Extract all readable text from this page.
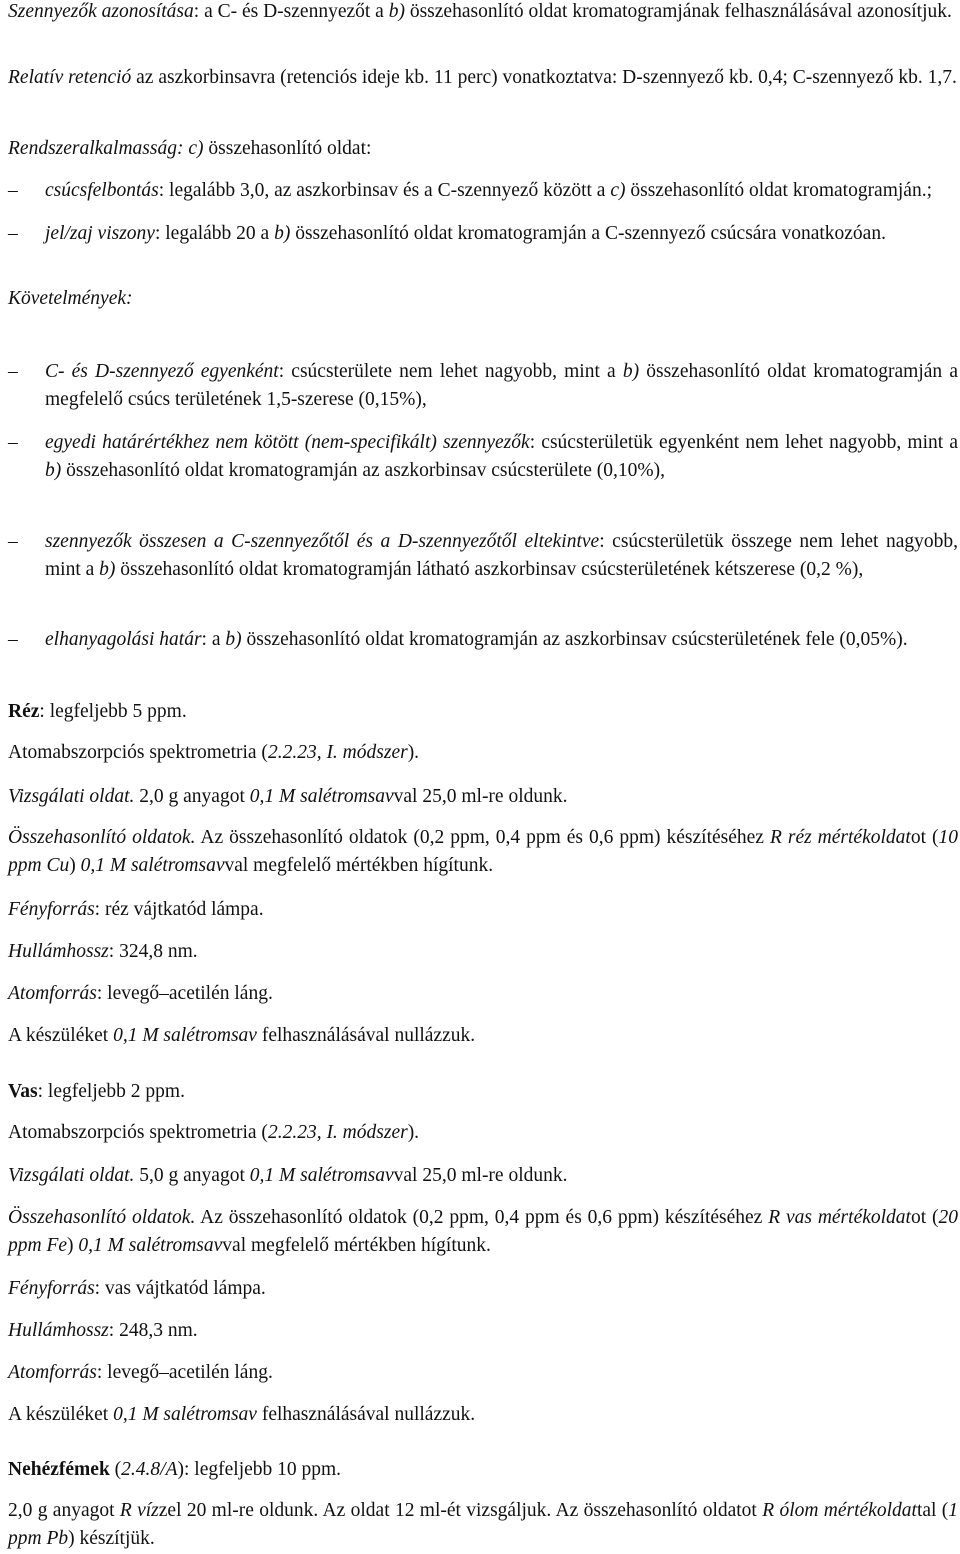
Szennyezők azonosítása: a C- és D-szennyezőt a b) összehasonlító oldat kromatogramjának felhasználásával azonosítjuk.

Relatív retenció az aszkorbinsavra (retenciós ideje kb. 11 perc) vonatkoztatva: D-szennyező kb. 0,4; C-szennyező kb. 1,7.

Rendszeralkalmasság: c) összehasonlító oldat:

– csúcsfelbontás: legalább 3,0, az aszkorbinsav és a C-szennyező között a c) összehasonlító oldat kromatogramján.;
– jel/zaj viszony: legalább 20 a b) összehasonlító oldat kromatogramján a C-szennyező csúcsára vonatkozóan.

Követelmények:

– C- és D-szennyező egyenként: csúcsterülete nem lehet nagyobb, mint a b) összehasonlító oldat kromatogramján a megfelelő csúcs területének 1,5-szerese (0,15%),
– egyedi határértékhez nem kötött (nem-specifikált) szennyezők: csúcsterületük egyenként nem lehet nagyobb, mint a b) összehasonlító oldat kromatogramján az aszkorbinsav csúcsterülete (0,10%),
– szennyezők összesen a C-szennyezőtől és a D-szennyezőtől eltekintve: csúcsterületük összege nem lehet nagyobb, mint a b) összehasonlító oldat kromatogramján látható aszkorbinsav csúcsterületének kétszerese (0,2 %),
– elhanyagolási határ: a b) összehasonlító oldat kromatogramján az aszkorbinsav csúcsterületének fele (0,05%).

Réz: legfeljebb 5 ppm.

Atomabszorpciós spektrometria (2.2.23, I. módszer).

Vizsgálati oldat. 2,0 g anyagot 0,1 M salétromsavval 25,0 ml-re oldunk.

Összehasonlító oldatok. Az összehasonlító oldatok (0,2 ppm, 0,4 ppm és 0,6 ppm) készítéséhez R réz mértékoldatot (10 ppm Cu) 0,1 M salétromsavval megfelelő mértékben hígítunk.

Fényforrás: réz vájtkatód lámpa.

Hullámhossz: 324,8 nm.

Atomforrás: levegő–acetilén láng.

A készüléket 0,1 M salétromsav felhasználásával nullázzuk.

Vas: legfeljebb 2 ppm.

Atomabszorpciós spektrometria (2.2.23, I. módszer).

Vizsgálati oldat. 5,0 g anyagot 0,1 M salétromsavval 25,0 ml-re oldunk.

Összehasonlító oldatok. Az összehasonlító oldatok (0,2 ppm, 0,4 ppm és 0,6 ppm) készítéséhez R vas mértékoldatot (20 ppm Fe) 0,1 M salétromsavval megfelelő mértékben hígítunk.

Fényforrás: vas vájtkatód lámpa.

Hullámhossz: 248,3 nm.

Atomforrás: levegő–acetilén láng.

A készüléket 0,1 M salétromsav felhasználásával nullázzuk.

Nehézfémek (2.4.8/A): legfeljebb 10 ppm.

2,0 g anyagot R vízzel 20 ml-re oldunk. Az oldat 12 ml-ét vizsgáljuk. Az összehasonlító oldatot R ólom mértékoldattal (1 ppm Pb) készítjük.
